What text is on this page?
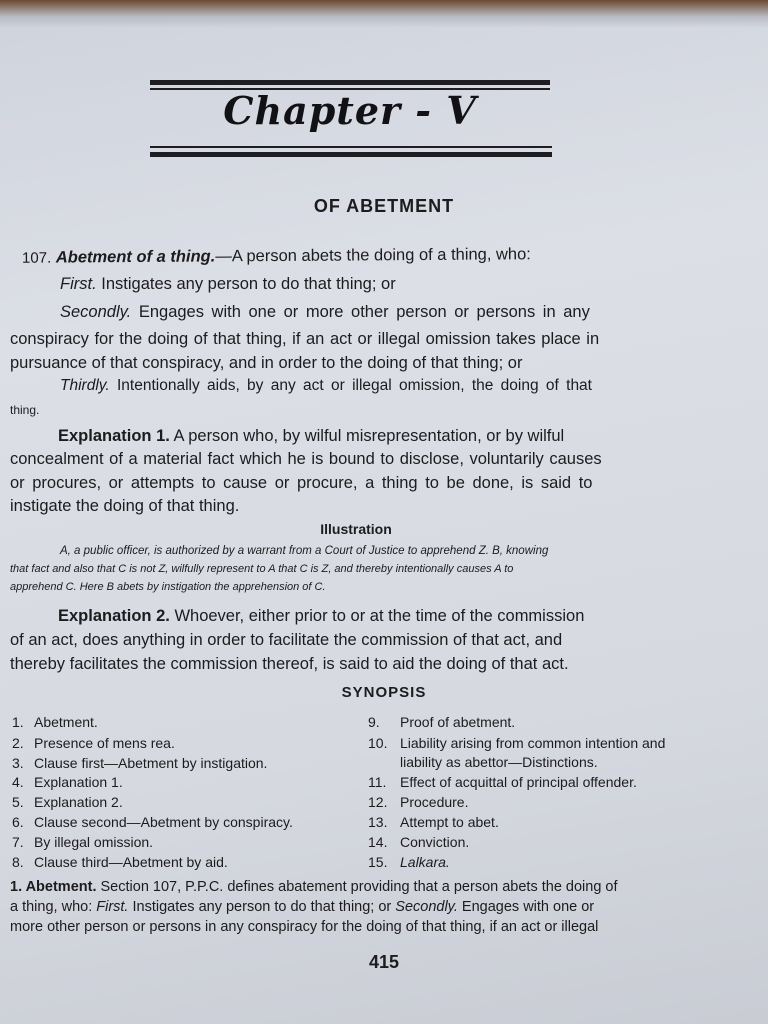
Chapter - V
OF ABETMENT
107. Abetment of a thing.—A person abets the doing of a thing, who:
First. Instigates any person to do that thing; or
Secondly. Engages with one or more other person or persons in any
conspiracy for the doing of that thing, if an act or illegal omission takes place in
pursuance of that conspiracy, and in order to the doing of that thing; or
Thirdly. Intentionally aids, by any act or illegal omission, the doing of that
thing.
Explanation 1. A person who, by wilful misrepresentation, or by wilful
concealment of a material fact which he is bound to disclose, voluntarily causes
or procures, or attempts to cause or procure, a thing to be done, is said to
instigate the doing of that thing.
Illustration
A, a public officer, is authorized by a warrant from a Court of Justice to apprehend Z. B, knowing
that fact and also that C is not Z, wilfully represent to A that C is Z, and thereby intentionally causes A to
apprehend C. Here B abets by instigation the apprehension of C.
Explanation 2. Whoever, either prior to or at the time of the commission
of an act, does anything in order to facilitate the commission of that act, and
thereby facilitates the commission thereof, is said to aid the doing of that act.
SYNOPSIS
1. Abetment.
2. Presence of mens rea.
3. Clause first—Abetment by instigation.
4. Explanation 1.
5. Explanation 2.
6. Clause second—Abetment by conspiracy.
7. By illegal omission.
8. Clause third—Abetment by aid.
9. Proof of abetment.
10. Liability arising from common intention and
liability as abettor—Distinctions.
11. Effect of acquittal of principal offender.
12. Procedure.
13. Attempt to abet.
14. Conviction.
15. Lalkara.
1. Abetment. Section 107, P.P.C. defines abatement providing that a person abets the doing of
a thing, who: First. Instigates any person to do that thing; or Secondly. Engages with one or
more other person or persons in any conspiracy for the doing of that thing, if an act or illegal
415
